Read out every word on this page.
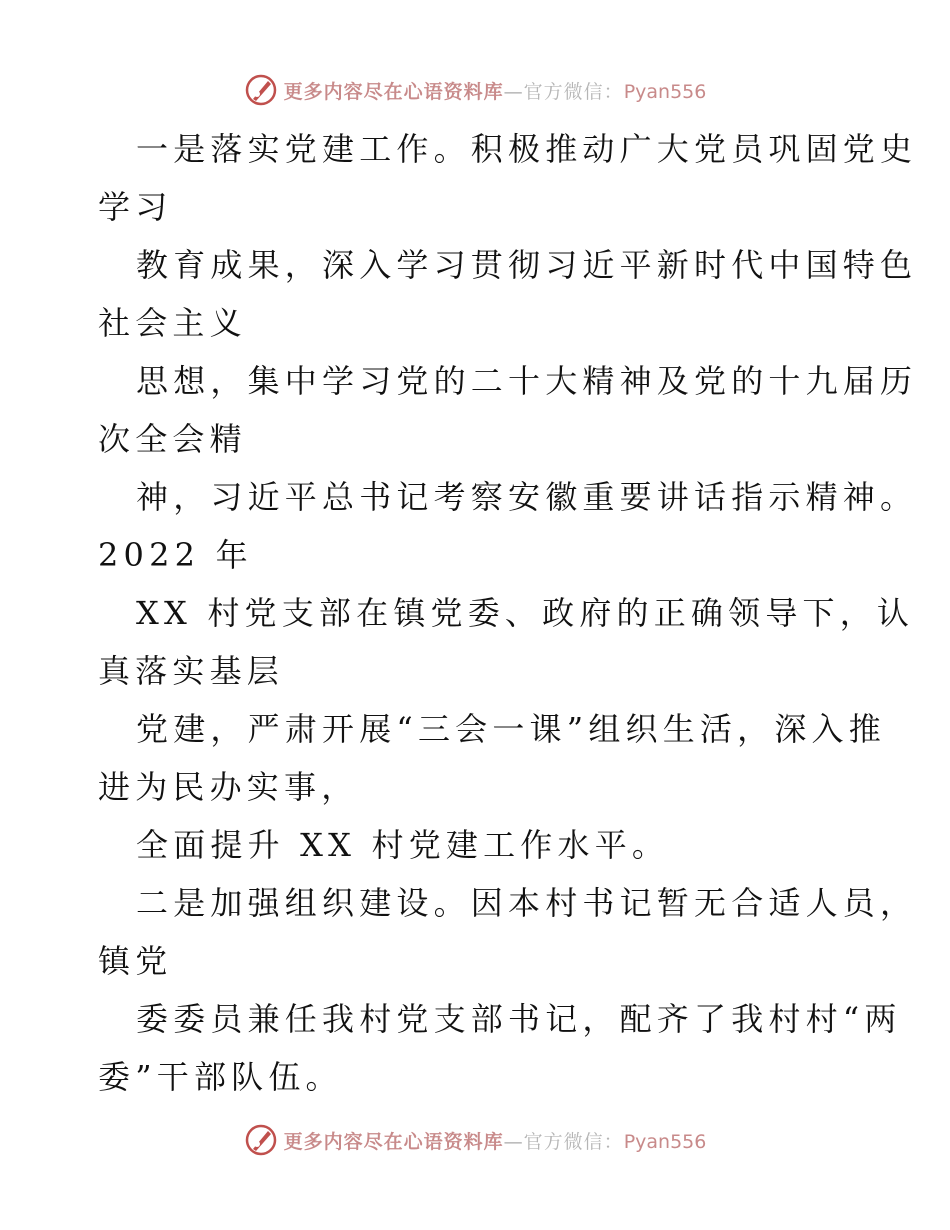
更多内容尽在心语资料库—官方微信：Pyan556

一是落实党建工作。积极推动广大党员巩固党史
学习

教育成果，深入学习贯彻习近平新时代中国特色
社会主义

思想，集中学习党的二十大精神及党的十九届历
次全会精

神，习近平总书记考察安徽重要讲话指示精神。
2022 年

XX 村党支部在镇党委、政府的正确领导下，认
真落实基层

党建，严肃开展“三会一课”组织生活，深入推
进为民办实事，

全面提升 XX 村党建工作水平。

二是加强组织建设。因本村书记暂无合适人员，
镇党

委委员兼任我村党支部书记，配齐了我村村“两
委”干部队伍。

更多内容尽在心语资料库—官方微信：Pyan556
